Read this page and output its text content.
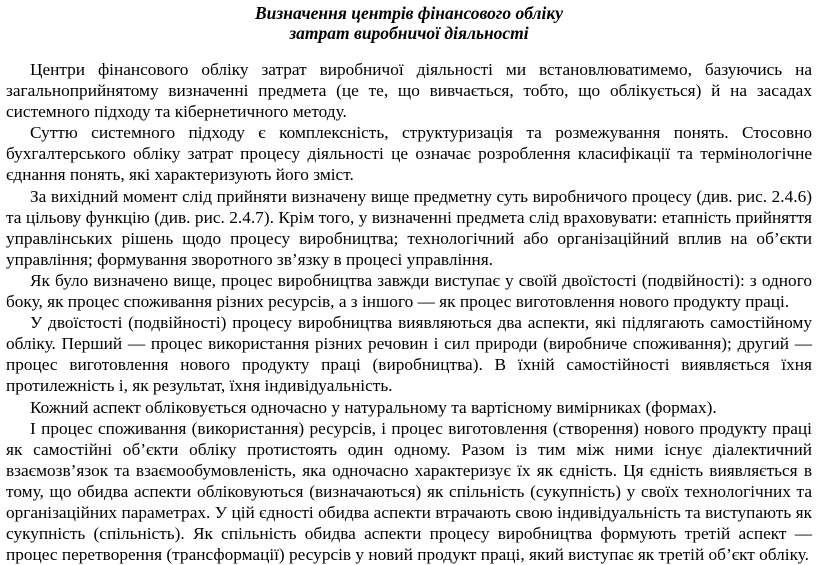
Визначення центрів фінансового обліку
затрат виробничої діяльності

Центри фінансового обліку затрат виробничої діяльності ми встановлюватимемо, базуючись на загальноприйнятому визначенні предмета (це те, що вивчається, тобто, що облікується) й на засадах системного підходу та кібернетичного методу.

Суттю системного підходу є комплексність, структуризація та розмежування понять. Стосовно бухгалтерського обліку затрат процесу діяльності це означає розроблення класифікації та термінологічне єднання понять, які характеризують його зміст.

За вихідний момент слід прийняти визначену вище предметну суть виробничого процесу (див. рис. 2.4.6) та цільову функцію (див. рис. 2.4.7). Крім того, у визначенні предмета слід враховувати: етапність прийняття управлінських рішень щодо процесу виробництва; технологічний або організаційний вплив на об’єкти управління; формування зворотного зв’язку в процесі управління.

Як було визначено вище, процес виробництва завжди виступає у своїй двоїстості (подвійності): з одного боку, як процес споживання різних ресурсів, а з іншого — як процес виготовлення нового продукту праці.

У двоїстості (подвійності) процесу виробництва виявляються два аспекти, які підлягають самостійному обліку. Перший — процес використання різних речовин і сил природи (виробниче споживання); другий — процес виготовлення нового продукту праці (виробництва). В їхній самостійності виявляється їхня протилежність і, як результат, їхня індивідуальність.

Кожний аспект обліковується одночасно у натуральному та вартісному вимірниках (формах).

І процес споживання (використання) ресурсів, і процес виготовлення (створення) нового продукту праці як самостійні об’єкти обліку протистоять один одному. Разом із тим між ними існує діалектичний взаємозв’язок та взаємообумовленість, яка одночасно характеризує їх як єдність. Ця єдність виявляється в тому, що обидва аспекти обліковуються (визначаються) як спільність (сукупність) у своїх технологічних та організаційних параметрах. У цій єдності обидва аспекти втрачають свою індивідуальність та виступають як сукупність (спільність). Як спільність обидва аспекти процесу виробництва формують третій аспект — процес перетворення (трансформації) ресурсів у новий продукт праці, який виступає як третій об’єкт обліку.
